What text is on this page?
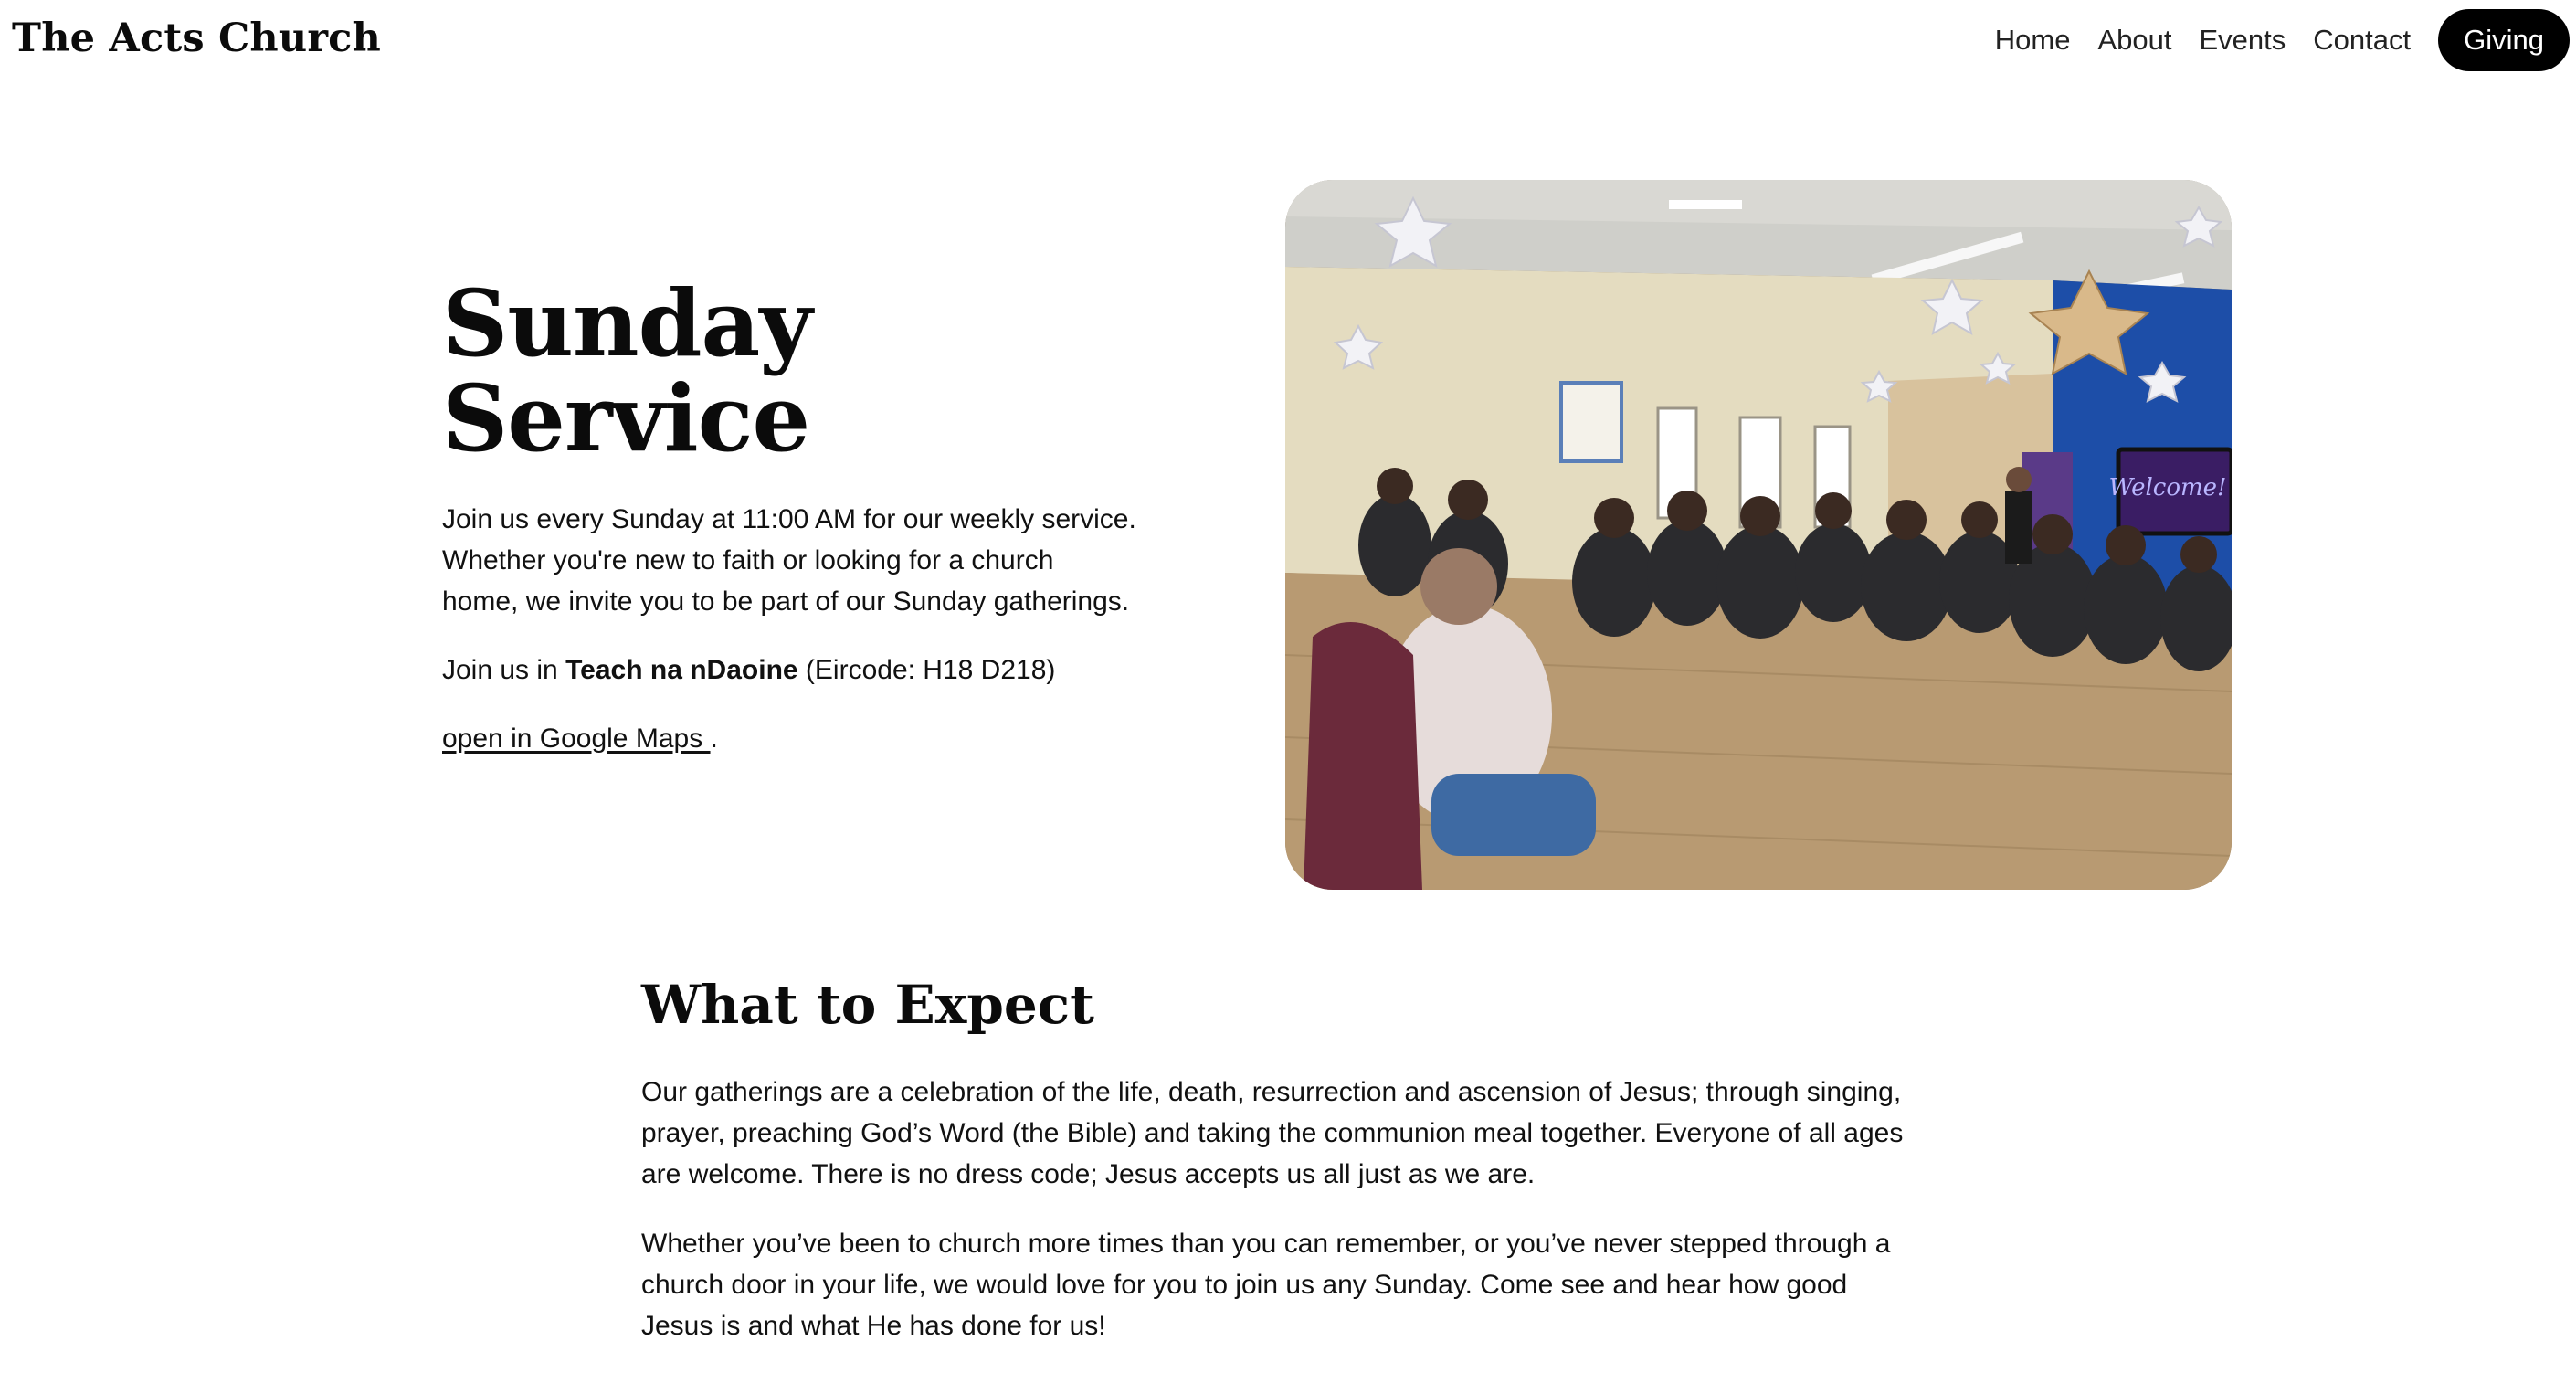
The Acts Church	Home About Events Contact	Giving
Sunday
Service

Join us every Sunday at 11:00 AM for our weekly service. Whether you're new to faith or looking for a church home, we invite you to be part of our Sunday gatherings.

Join us in Teach na nDaoine (Eircode: H18 D218)

open in Google Maps .

Welcome!
What to Expect

Our gatherings are a celebration of the life, death, resurrection and ascension of Jesus; through singing, prayer, preaching God’s Word (the Bible) and taking the communion meal together. Everyone of all ages are welcome. There is no dress code; Jesus accepts us all just as we are.

Whether you’ve been to church more times than you can remember, or you’ve never stepped through a church door in your life, we would love for you to join us any Sunday. Come see and hear how good Jesus is and what He has done for us!
